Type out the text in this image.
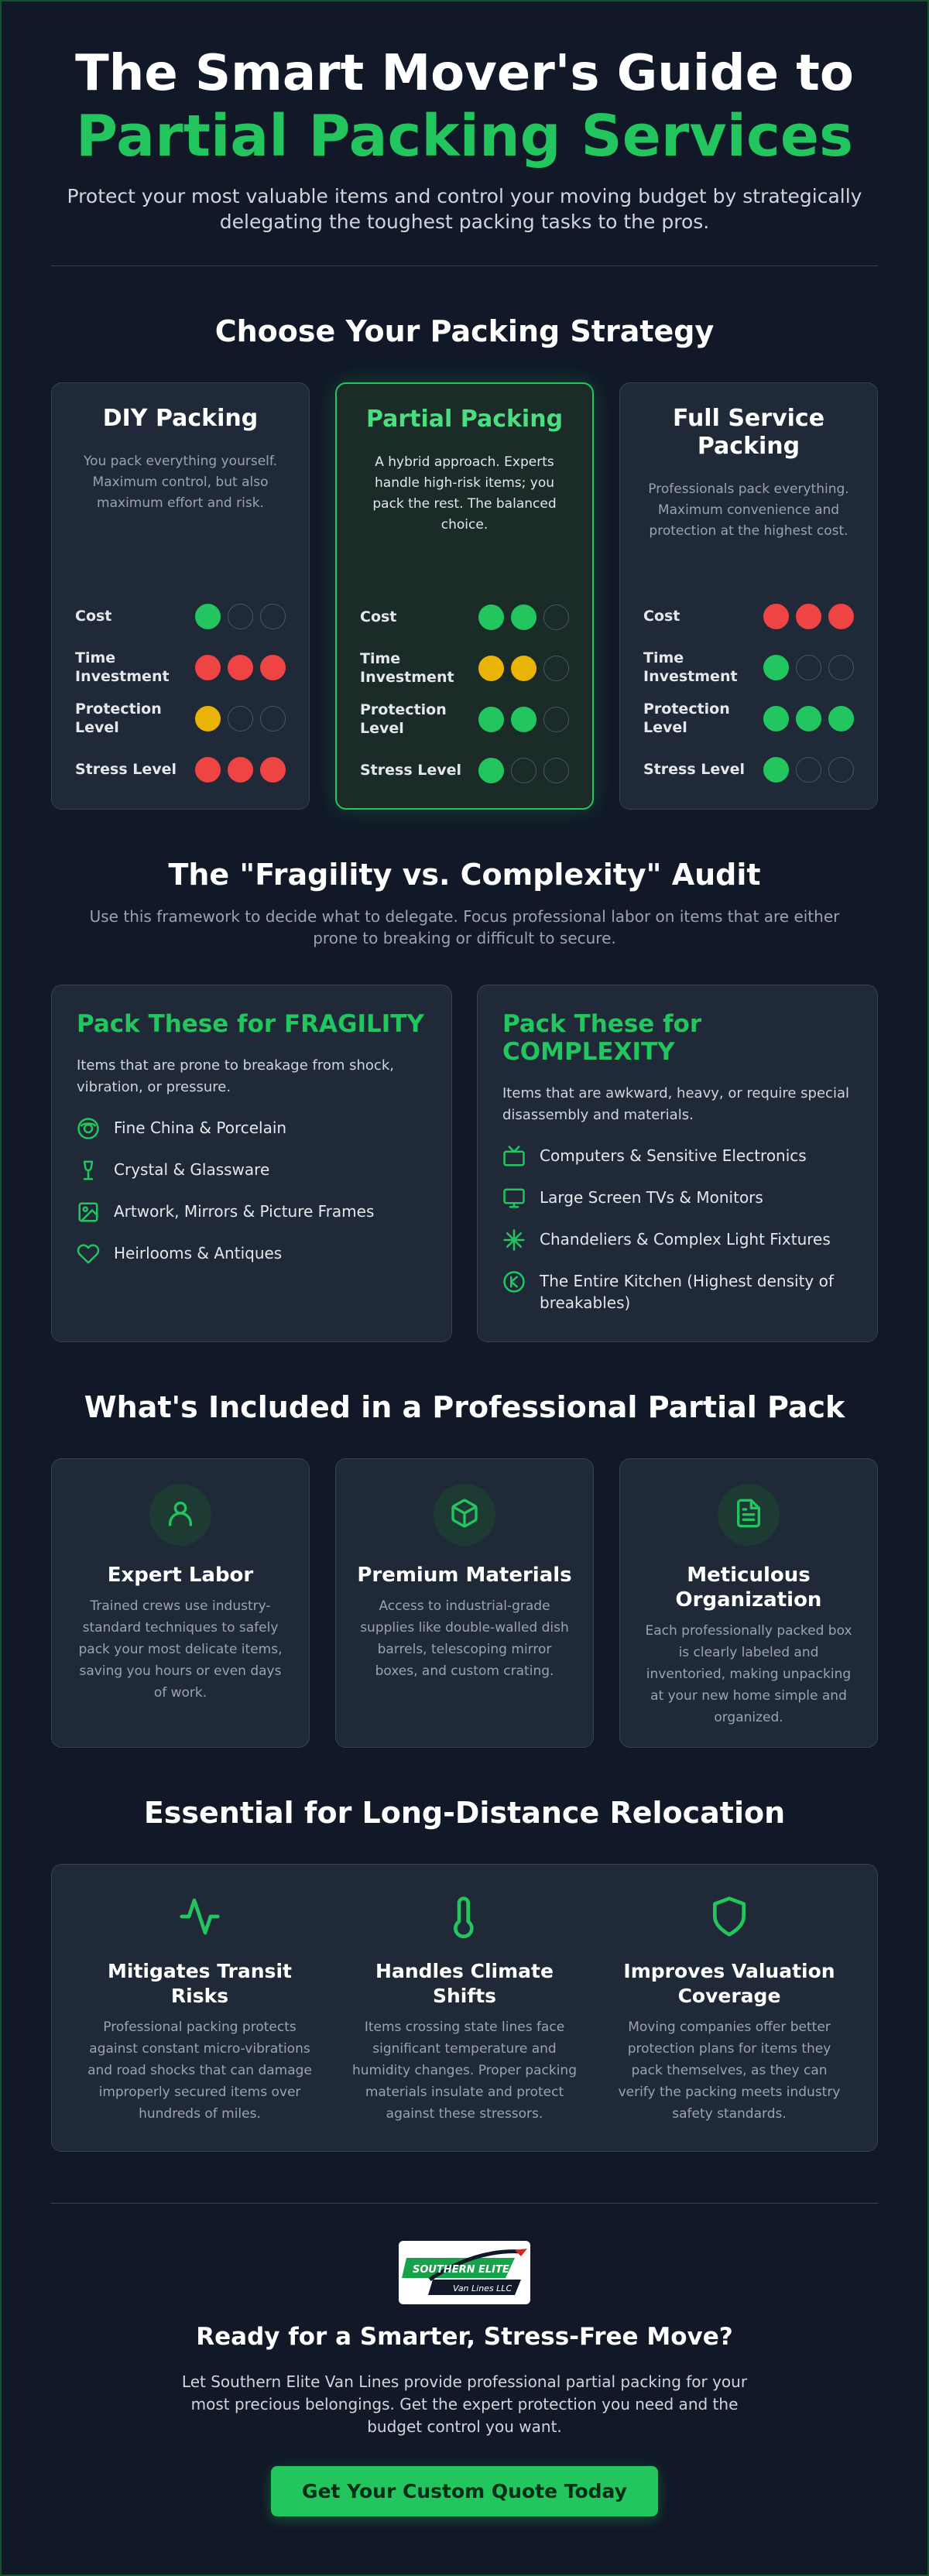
The Smart Mover's Guide to
Partial Packing Services

Protect your most valuable items and control your moving budget by strategically delegating the toughest packing tasks to the pros.

Choose Your Packing Strategy
DIY Packing

You pack everything yourself. Maximum control, but also maximum effort and risk.

Cost
Time Investment
Protection Level
Stress Level
Partial Packing

A hybrid approach. Experts handle high-risk items; you pack the rest. The balanced choice.

Cost
Time Investment
Protection Level
Stress Level
Full Service Packing

Professionals pack everything. Maximum convenience and protection at the highest cost.

Cost
Time Investment
Protection Level
Stress Level
The "Fragility vs. Complexity" Audit

Use this framework to decide what to delegate. Focus professional labor on items that are either prone to breaking or difficult to secure.

Pack These for FRAGILITY

Items that are prone to breakage from shock, vibration, or pressure.

Fine China & Porcelain
Crystal & Glassware
Artwork, Mirrors & Picture Frames
Heirlooms & Antiques
Pack These for COMPLEXITY

Items that are awkward, heavy, or require special disassembly and materials.

Computers & Sensitive Electronics
Large Screen TVs & Monitors
Chandeliers & Complex Light Fixtures
The Entire Kitchen (Highest density of breakables)
What's Included in a Professional Partial Pack
Expert Labor

Trained crews use industry-standard techniques to safely pack your most delicate items, saving you hours or even days of work.

Premium Materials

Access to industrial-grade supplies like double-walled dish barrels, telescoping mirror boxes, and custom crating.

Meticulous Organization

Each professionally packed box is clearly labeled and inventoried, making unpacking at your new home simple and organized.

Essential for Long-Distance Relocation
Mitigates Transit Risks

Professional packing protects against constant micro-vibrations and road shocks that can damage improperly secured items over hundreds of miles.

Handles Climate Shifts

Items crossing state lines face significant temperature and humidity changes. Proper packing materials insulate and protect against these stressors.

Improves Valuation Coverage

Moving companies offer better protection plans for items they pack themselves, as they can verify the packing meets industry safety standards.

SOUTHERN ELITE
Van Lines LLC
Ready for a Smarter, Stress-Free Move?

Let Southern Elite Van Lines provide professional partial packing for your most precious belongings. Get the expert protection you need and the budget control you want.

Get Your Custom Quote Today
